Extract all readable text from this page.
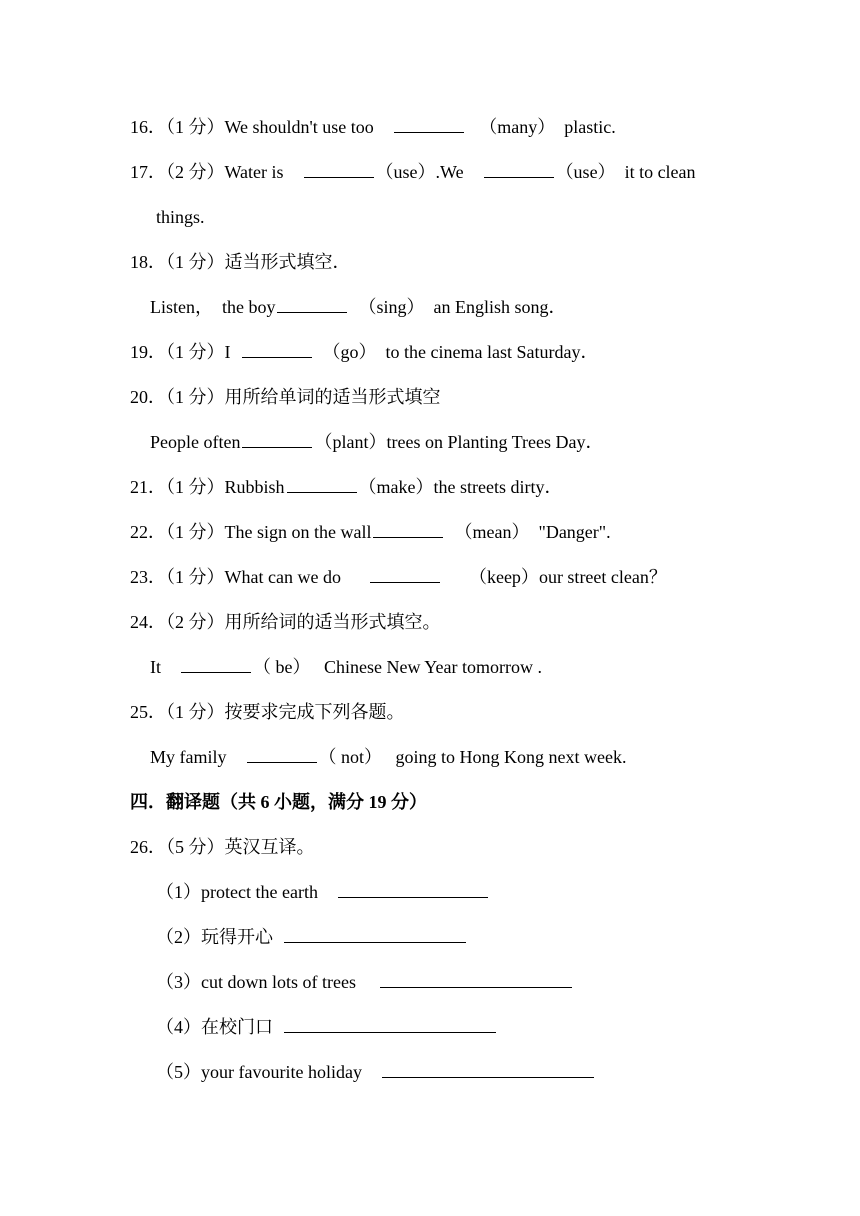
16．（1 分）We shouldn't use too	（many） plastic.
17．（2 分）Water is	（use）.We	（use） it to clean
things.
18．（1 分）适当形式填空．
Listen，  the boy	（sing） an English song．
19．（1 分）I	（go） to the cinema last Saturday．
20．（1 分）用所给单词的适当形式填空
People often	（plant）trees on Planting Trees Day．
21．（1 分）Rubbish	（make）the streets dirty．
22．（1 分）The sign on the wall	（mean） "Danger".
23．（1 分）What can we do	（keep）our street clean？
24．（2 分）用所给词的适当形式填空。
It	（ be） Chinese New Year tomorrow .
25．（1 分）按要求完成下列各题。
My family	（ not） going to Hong Kong next week.
四．翻译题（共 6 小题，满分 19 分）
26．（5 分）英汉互译。
（1）protect the earth
（2）玩得开心
（3）cut down lots of trees
（4）在校门口
（5）your favourite holiday
